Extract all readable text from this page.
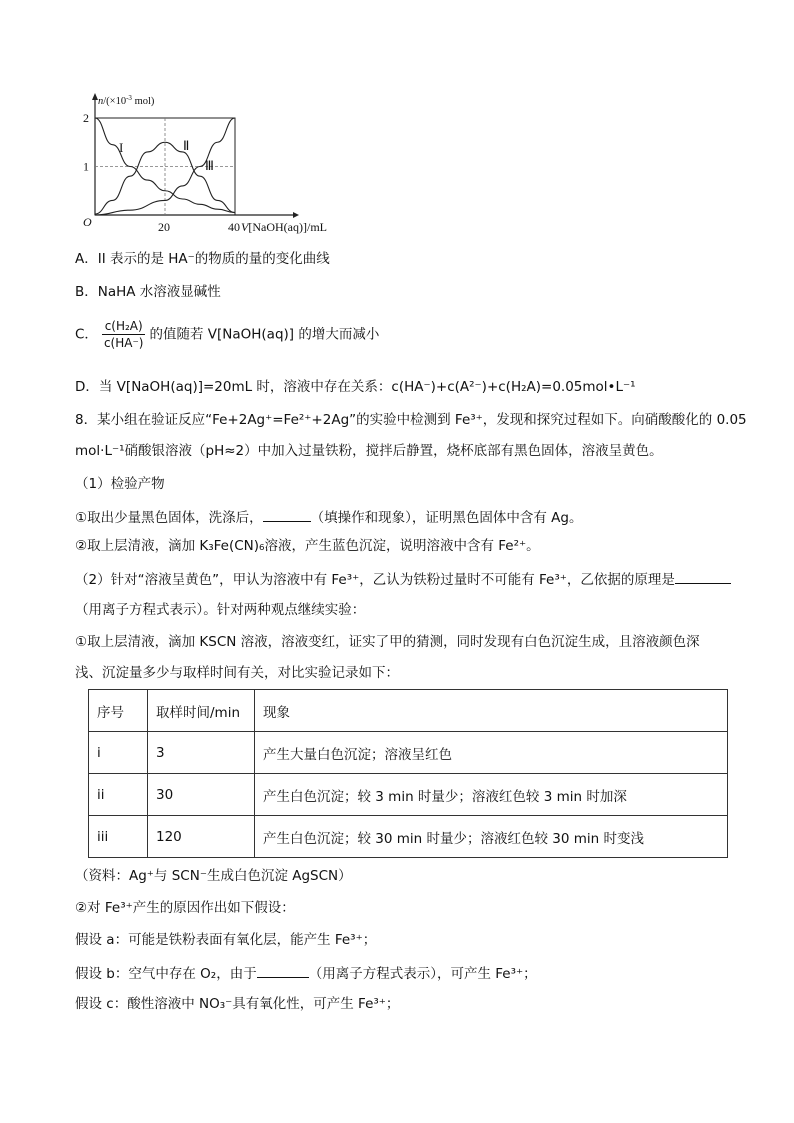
I	Ⅱ
Ⅲ
2
1
O	20	40
$n/(\times 10^{-3}$ mol)
V[NaOH(aq)]/mL
A．II 表示的是 HA⁻的物质的量的变化曲线
B．NaHA 水溶液显碱性
C． $\frac{\text{c(H₂A)}}{c(HA^-)}$ 的值随若 V[NaOH(aq)] 的增大而减小
D．当 V[NaOH(aq)]=20mL 时，溶液中存在关系：c(HA⁻)+c(A²⁻)+c(H₂A)=0.05mol•L⁻¹
8．某小组在验证反应“Fe+2Ag⁺=Fe²⁺+2Ag”的实验中检测到 Fe³⁺，发现和探究过程如下。向硝酸酸化的 0.05
mol·L⁻¹硝酸银溶液（pH≈2）中加入过量铁粉，搅拌后静置，烧杯底部有黑色固体，溶液呈黄色。
（1）检验产物
①取出少量黑色固体，洗涤后，	（填操作和现象），证明黑色固体中含有 Ag。
②取上层清液，滴加 K₃Fe(CN)₆溶液，产生蓝色沉淀，说明溶液中含有 Fe²⁺。
（2）针对“溶液呈黄色”，甲认为溶液中有 Fe³⁺，乙认为铁粉过量时不可能有 Fe³⁺，乙依据的原理是
（用离子方程式表示）。针对两种观点继续实验：
①取上层清液，滴加 KSCN 溶液，溶液变红，证实了甲的猜测，同时发现有白色沉淀生成，且溶液颜色深
浅、沉淀量多少与取样时间有关，对比实验记录如下：
序号	取样时间/min	现象
i	3	产生大量白色沉淀；溶液呈红色
ii	30	产生白色沉淀；较 3 min 时量少；溶液红色较 3 min 时加深
iii	120	产生白色沉淀；较 30 min 时量少；溶液红色较 30 min 时变浅
（资料：Ag⁺与 SCN⁻生成白色沉淀 AgSCN）
②对 Fe³⁺产生的原因作出如下假设：
假设 a：可能是铁粉表面有氧化层，能产生 Fe³⁺；
假设 b：空气中存在 O₂，由于	（用离子方程式表示），可产生 Fe³⁺；
假设 c：酸性溶液中 NO₃⁻具有氧化性，可产生 Fe³⁺；
